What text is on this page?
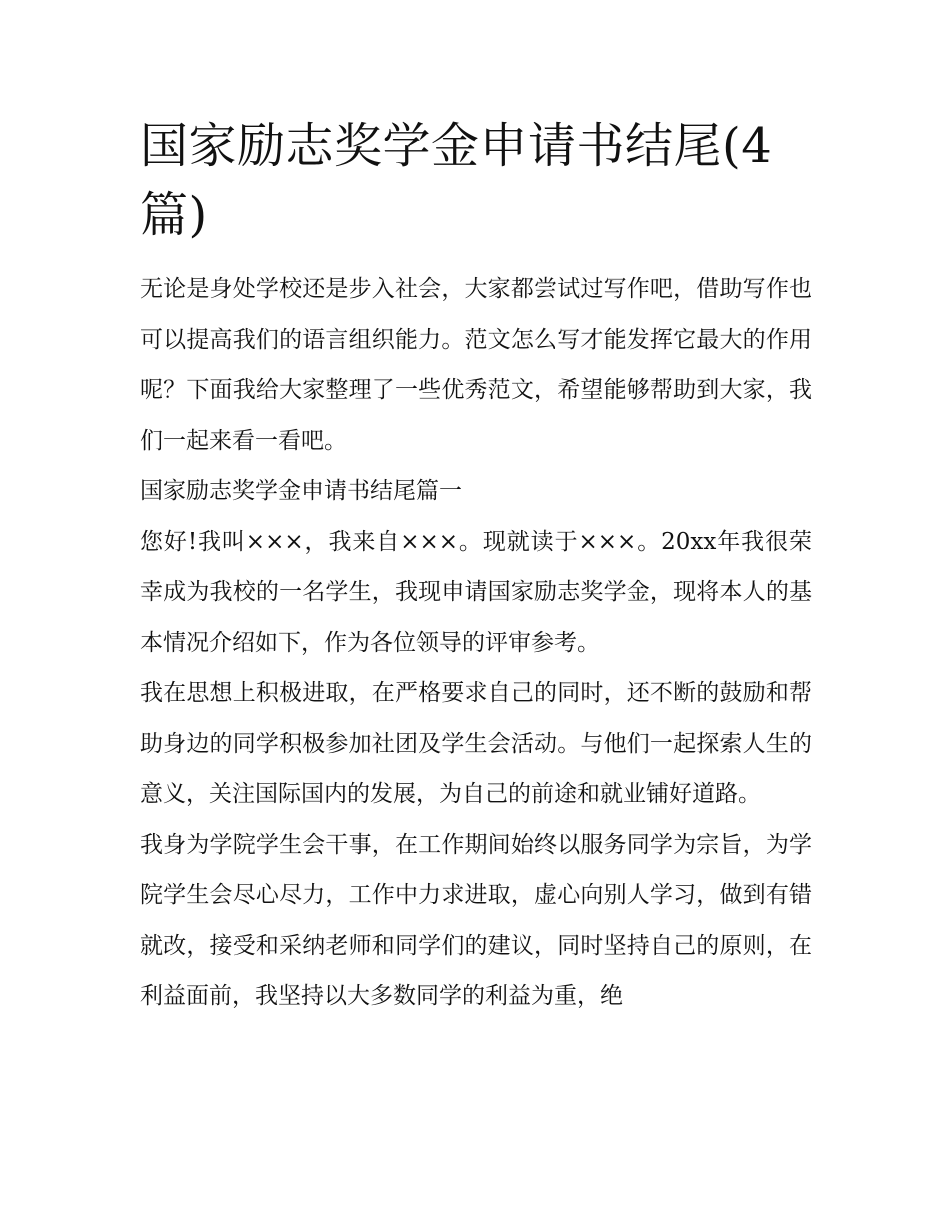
国家励志奖学金申请书结尾(4篇)

无论是身处学校还是步入社会，大家都尝试过写作吧，借助写作也可以提高我们的语言组织能力。范文怎么写才能发挥它最大的作用呢？下面我给大家整理了一些优秀范文，希望能够帮助到大家，我们一起来看一看吧。

国家励志奖学金申请书结尾篇一

您好!我叫×××，我来自×××。现就读于×××。20xx年我很荣幸成为我校的一名学生，我现申请国家励志奖学金，现将本人的基本情况介绍如下，作为各位领导的评审参考。

我在思想上积极进取，在严格要求自己的同时，还不断的鼓励和帮助身边的同学积极参加社团及学生会活动。与他们一起探索人生的意义，关注国际国内的发展，为自己的前途和就业铺好道路。

我身为学院学生会干事，在工作期间始终以服务同学为宗旨，为学院学生会尽心尽力，工作中力求进取，虚心向别人学习，做到有错就改，接受和采纳老师和同学们的建议，同时坚持自己的原则，在利益面前，我坚持以大多数同学的利益为重，绝
